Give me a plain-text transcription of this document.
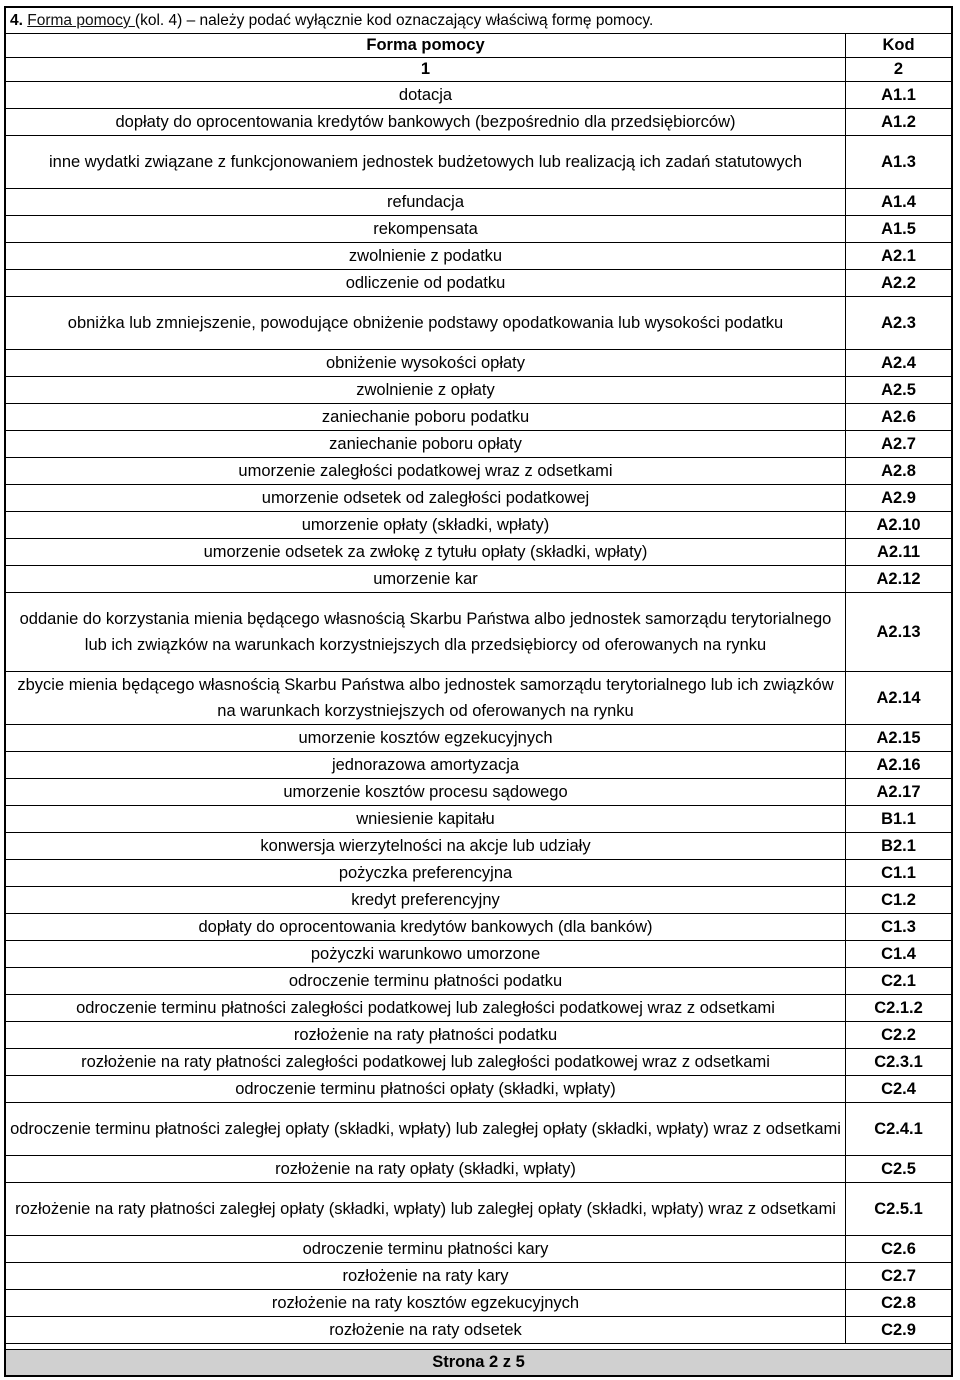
4. Forma pomocy (kol. 4) – należy podać wyłącznie kod oznaczający właściwą formę pomocy.
Forma pomocy	Kod
1	2
dotacja	A1.1
dopłaty do oprocentowania kredytów bankowych (bezpośrednio dla przedsiębiorców)	A1.2
inne wydatki związane z funkcjonowaniem jednostek budżetowych lub realizacją ich zadań statutowych	A1.3
refundacja	A1.4
rekompensata	A1.5
zwolnienie z podatku	A2.1
odliczenie od podatku	A2.2
obniżka lub zmniejszenie, powodujące obniżenie podstawy opodatkowania lub wysokości podatku	A2.3
obniżenie wysokości opłaty	A2.4
zwolnienie z opłaty	A2.5
zaniechanie poboru podatku	A2.6
zaniechanie poboru opłaty	A2.7
umorzenie zaległości podatkowej wraz z odsetkami	A2.8
umorzenie odsetek od zaległości podatkowej	A2.9
umorzenie opłaty (składki, wpłaty)	A2.10
umorzenie odsetek za zwłokę z tytułu opłaty (składki, wpłaty)	A2.11
umorzenie kar	A2.12
oddanie do korzystania mienia będącego własnością Skarbu Państwa albo jednostek samorządu terytorialnego lub ich związków na warunkach korzystniejszych dla przedsiębiorcy od oferowanych na rynku	A2.13
zbycie mienia będącego własnością Skarbu Państwa albo jednostek samorządu terytorialnego lub ich związków na warunkach korzystniejszych od oferowanych na rynku	A2.14
umorzenie kosztów egzekucyjnych	A2.15
jednorazowa amortyzacja	A2.16
umorzenie kosztów procesu sądowego	A2.17
wniesienie kapitału	B1.1
konwersja wierzytelności na akcje lub udziały	B2.1
pożyczka preferencyjna	C1.1
kredyt preferencyjny	C1.2
dopłaty do oprocentowania kredytów bankowych (dla banków)	C1.3
pożyczki warunkowo umorzone	C1.4
odroczenie terminu płatności podatku	C2.1
odroczenie terminu płatności zaległości podatkowej lub zaległości podatkowej wraz z odsetkami	C2.1.2
rozłożenie na raty płatności podatku	C2.2
rozłożenie na raty płatności zaległości podatkowej lub zaległości podatkowej wraz z odsetkami	C2.3.1
odroczenie terminu płatności opłaty (składki, wpłaty)	C2.4
odroczenie terminu płatności zaległej opłaty (składki, wpłaty) lub zaległej opłaty (składki, wpłaty) wraz z odsetkami	C2.4.1
rozłożenie na raty opłaty (składki, wpłaty)	C2.5
rozłożenie na raty płatności zaległej opłaty (składki, wpłaty) lub zaległej opłaty (składki, wpłaty) wraz z odsetkami	C2.5.1
odroczenie terminu płatności kary	C2.6
rozłożenie na raty kary	C2.7
rozłożenie na raty kosztów egzekucyjnych	C2.8
rozłożenie na raty odsetek	C2.9
Strona 2 z 5
